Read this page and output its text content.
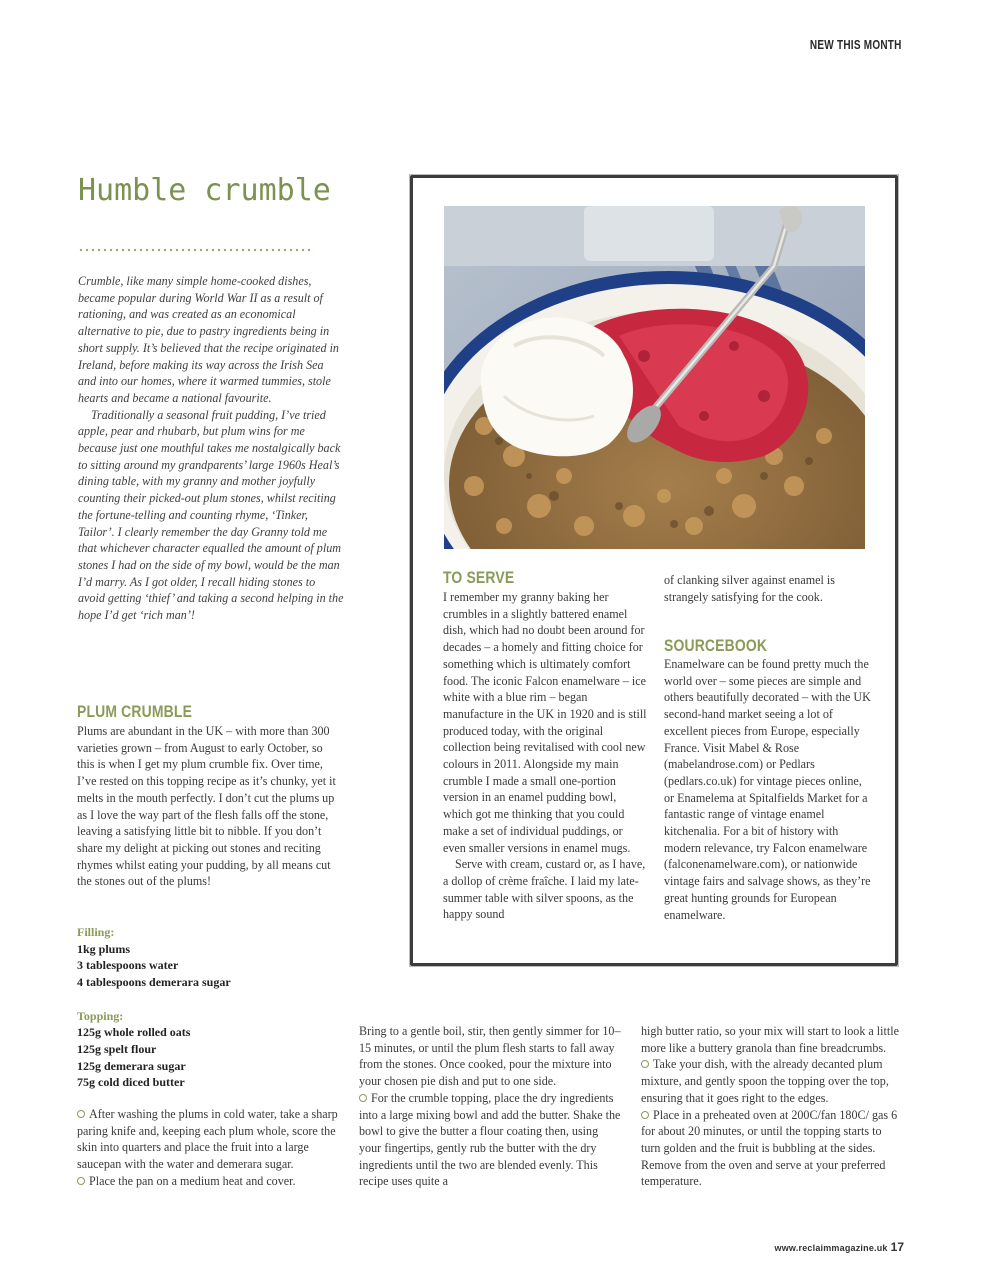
NEW THIS MONTH
Humble crumble

Crumble, like many simple home-cooked dishes, became popular during World War II as a result of rationing, and was created as an economical alternative to pie, due to pastry ingredients being in short supply. It’s believed that the recipe originated in Ireland, before making its way across the Irish Sea and into our homes, where it warmed tummies, stole hearts and became a national favourite.

Traditionally a seasonal fruit pudding, I’ve tried apple, pear and rhubarb, but plum wins for me because just one mouthful takes me nostalgically back to sitting around my grandparents’ large 1960s Heal’s dining table, with my granny and mother joyfully counting their picked-out plum stones, whilst reciting the fortune-telling and counting rhyme, ‘Tinker, Tailor’. I clearly remember the day Granny told me that whichever character equalled the amount of plum stones I had on the side of my bowl, would be the man I’d marry. As I got older, I recall hiding stones to avoid getting ‘thief’ and taking a second helping in the hope I’d get ‘rich man’!

PLUM CRUMBLE

Plums are abundant in the UK – with more than 300 varieties grown – from August to early October, so this is when I get my plum crumble fix. Over time, I’ve rested on this topping recipe as it’s chunky, yet it melts in the mouth perfectly. I don’t cut the plums up as I love the way part of the flesh falls off the stone, leaving a satisfying little bit to nibble. If you don’t share my delight at picking out stones and reciting rhymes whilst eating your pudding, by all means cut the stones out of the plums!

Filling:
1kg plums
3 tablespoons water
4 tablespoons demerara sugar
Topping:
125g whole rolled oats
125g spelt flour
125g demerara sugar
75g cold diced butter
TO SERVE

I remember my granny baking her crumbles in a slightly battered enamel dish, which had no doubt been around for decades – a homely and fitting choice for something which is ultimately comfort food. The iconic Falcon enamelware – ice white with a blue rim – began manufacture in the UK in 1920 and is still produced today, with the original collection being revitalised with cool new colours in 2011. Alongside my main crumble I made a small one-portion version in an enamel pudding bowl, which got me thinking that you could make a set of individual puddings, or even smaller versions in enamel mugs.

Serve with cream, custard or, as I have, a dollop of crème fraîche. I laid my late-summer table with silver spoons, as the happy sound

of clanking silver against enamel is strangely satisfying for the cook.

SOURCEBOOK

Enamelware can be found pretty much the world over – some pieces are simple and others beautifully decorated – with the UK second-hand market seeing a lot of excellent pieces from Europe, especially France. Visit Mabel & Rose (mabelandrose.com) or Pedlars (pedlars.co.uk) for vintage pieces online, or Enamelema at Spitalfields Market for a fantastic range of vintage enamel kitchenalia. For a bit of history with modern relevance, try Falcon enamelware (falconenamelware.com), or nationwide vintage fairs and salvage shows, as they’re great hunting grounds for European enamelware.

After washing the plums in cold water, take a sharp paring knife and, keeping each plum whole, score the skin into quarters and place the fruit into a large saucepan with the water and demerara sugar.

Place the pan on a medium heat and cover.

Bring to a gentle boil, stir, then gently simmer for 10–15 minutes, or until the plum flesh starts to fall away from the stones. Once cooked, pour the mixture into your chosen pie dish and put to one side.

For the crumble topping, place the dry ingredients into a large mixing bowl and add the butter. Shake the bowl to give the butter a flour coating then, using your fingertips, gently rub the butter with the dry ingredients until the two are blended evenly. This recipe uses quite a

high butter ratio, so your mix will start to look a little more like a buttery granola than fine breadcrumbs.

Take your dish, with the already decanted plum mixture, and gently spoon the topping over the top, ensuring that it goes right to the edges.

Place in a preheated oven at 200C/fan 180C/ gas 6 for about 20 minutes, or until the topping starts to turn golden and the fruit is bubbling at the sides. Remove from the oven and serve at your preferred temperature.

www.reclaimmagazine.uk 17
